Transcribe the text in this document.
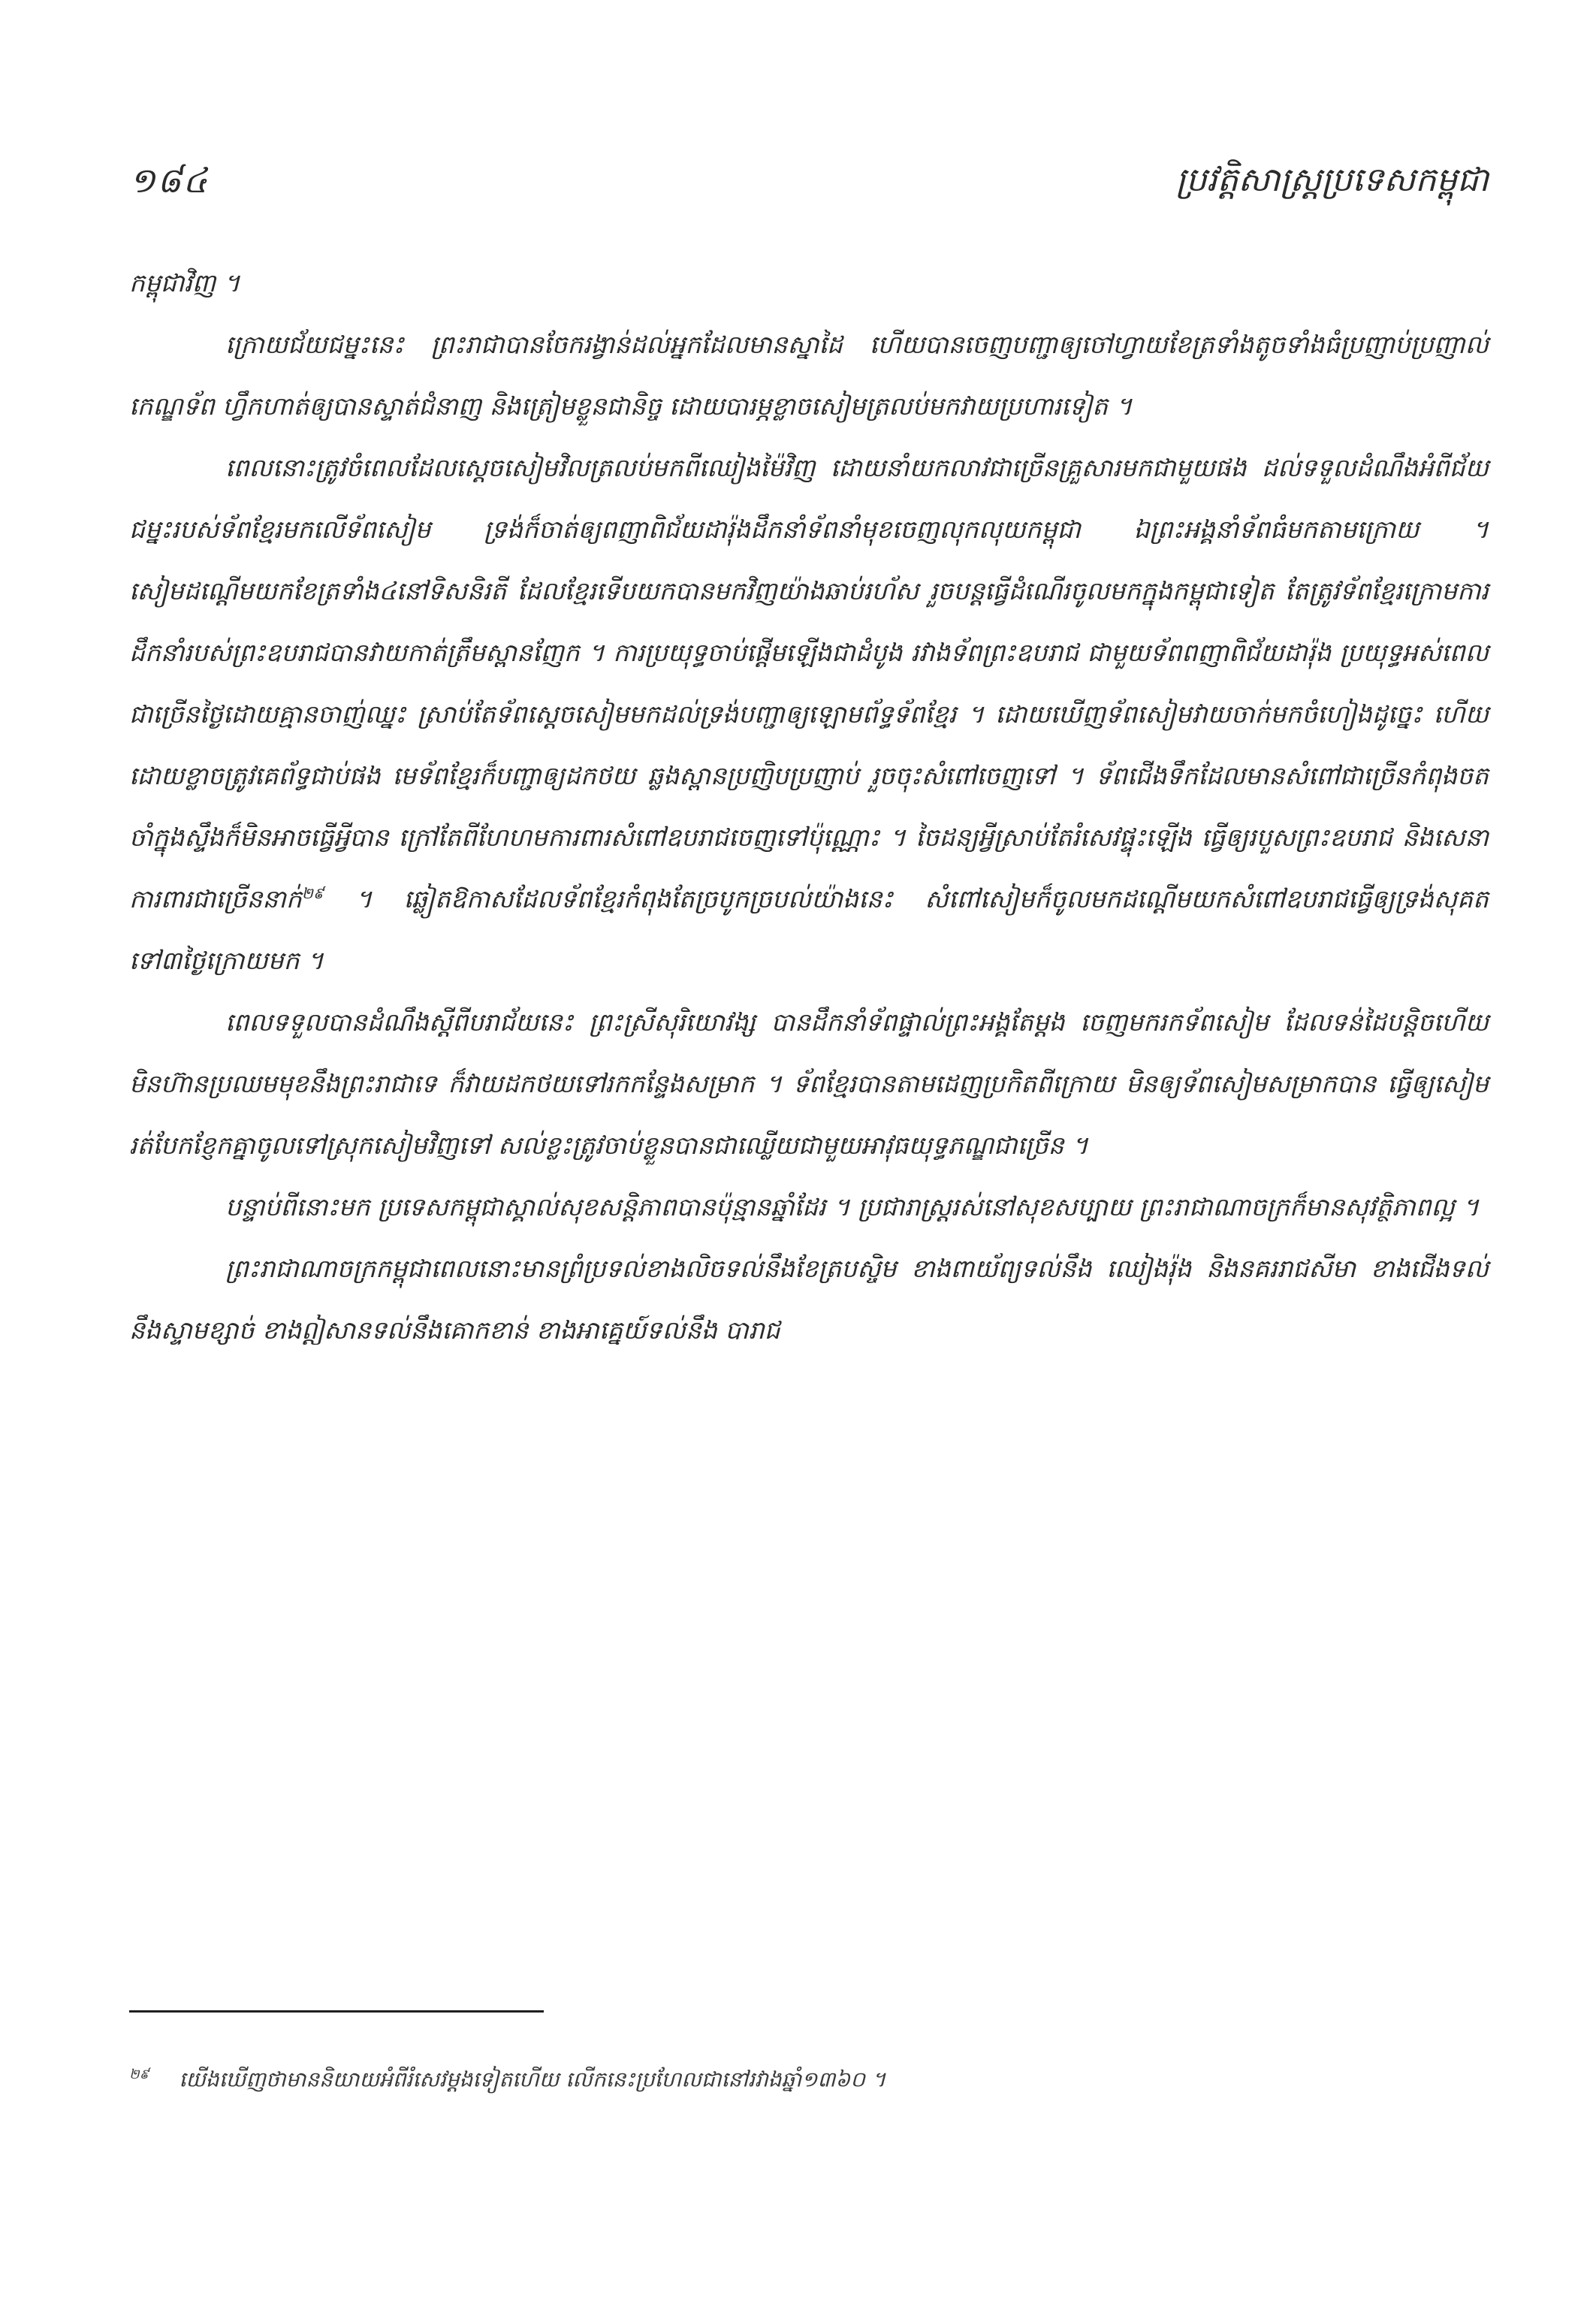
១៨៤	ប្រវត្តិសាស្ត្រប្រទេសកម្ពុជា

កម្ពុជាវិញ ។

ក្រោយជ័យជម្នះនេះ ព្រះរាជាបានចែករង្វាន់ដល់អ្នកដែលមានស្នាដៃ ហើយបានចេញបញ្ជាឲ្យចៅហ្វាយខែត្រទាំងតូចទាំងធំប្រញាប់ប្រញាល់កេណ្ឌទ័ព ហ្វឹកហាត់ឲ្យបានស្ទាត់ជំនាញ និងត្រៀមខ្លួនជានិច្ច ដោយបារម្ភខ្លាចសៀមត្រលប់មកវាយប្រហារទៀត ។

ពេលនោះត្រូវចំពេលដែលស្តេចសៀមវិលត្រលប់មកពីឈៀងម៉ៃវិញ ដោយនាំយកលាវជាច្រើនគ្រួសារមកជាមួយផង ដល់ទទួលដំណឹងអំពីជ័យជម្នះរបស់ទ័ពខ្មែរមកលើទ័ពសៀម ទ្រង់ក៏ចាត់ឲ្យពញាពិជ័យដារ៉ុងដឹកនាំទ័ពនាំមុខចេញលុកលុយកម្ពុជា ឯព្រះអង្គនាំទ័ពធំមកតាមក្រោយ ។ សៀមដណ្តើមយកខែត្រទាំង៤នៅទិសនិរតី ដែលខ្មែរទើបយកបានមកវិញយ៉ាងឆាប់រហ័ស រួចបន្តធ្វើដំណើរចូលមកក្នុងកម្ពុជាទៀត តែត្រូវទ័ពខ្មែរក្រោមការដឹកនាំរបស់ព្រះឧបរាជបានវាយកាត់ត្រឹមស្ពានញែក ។ ការប្រយុទ្ធចាប់ផ្តើមឡើងជាដំបូង រវាងទ័ពព្រះឧបរាជ ជាមួយទ័ពពញាពិជ័យដារ៉ុង ប្រយុទ្ធអស់ពេលជាច្រើនថ្ងៃដោយគ្មានចាញ់ឈ្នះ ស្រាប់តែទ័ពស្តេចសៀមមកដល់ទ្រង់បញ្ជាឲ្យឡោមព័ទ្ធទ័ពខ្មែរ ។ ដោយឃើញទ័ពសៀមវាយចាក់មកចំហៀងដូច្នេះ ហើយដោយខ្លាចត្រូវគេព័ទ្ធជាប់ផង មេទ័ពខ្មែរក៏បញ្ជាឲ្យដកថយ ឆ្លងស្ពានប្រញិបប្រញាប់ រួចចុះសំពៅចេញទៅ ។ ទ័ពជើងទឹកដែលមានសំពៅជាច្រើនកំពុងចតចាំក្នុងស្ទឹងក៏មិនអាចធ្វើអ្វីបាន ក្រៅតែពីហែហមការពារសំពៅឧបរាជចេញទៅប៉ុណ្ណោះ ។ ចៃដន្យអ្វីស្រាប់តែរំសេវផ្ទុះឡើង ធ្វើឲ្យរបួសព្រះឧបរាជ និងសេនាការពារជាច្រើននាក់$^{២៩}$ ។ ឆ្លៀតឱកាសដែលទ័ពខ្មែរកំពុងតែច្របូកច្របល់យ៉ាងនេះ សំពៅសៀមក៏ចូលមកដណ្តើមយកសំពៅឧបរាជធ្វើឲ្យទ្រង់សុគតទៅ៣ថ្ងៃក្រោយមក ។

ពេលទទួលបានដំណឹងស្តីពីបរាជ័យនេះ ព្រះស្រីសុរិយោវង្ស បានដឹកនាំទ័ពផ្ទាល់ព្រះអង្គតែម្តង ចេញមករកទ័ពសៀម ដែលទន់ដៃបន្តិចហើយ មិនហ៊ានប្រឈមមុខនឹងព្រះរាជាទេ ក៏វាយដកថយទៅរកកន្ទែងសម្រាក ។ ទ័ពខ្មែរបានតាមដេញប្រកិតពីក្រោយ មិនឲ្យទ័ពសៀមសម្រាកបាន ធ្វើឲ្យសៀមរត់បែកខ្ញែកគ្នាចូលទៅស្រុកសៀមវិញទៅ សល់ខ្លះត្រូវចាប់ខ្លួនបានជាឈ្លើយជាមួយអាវុធយុទ្ធភណ្ឌជាច្រើន ។

បន្ទាប់ពីនោះមក ប្រទេសកម្ពុជាស្គាល់សុខសន្តិភាពបានប៉ុន្មានឆ្នាំដែរ ។ ប្រជារាស្ត្ររស់នៅសុខសប្បាយ ព្រះរាជាណាចក្រក៏មានសុវត្ថិភាពល្អ ។

ព្រះរាជាណាចក្រកម្ពុជាពេលនោះមានព្រំប្រទល់ខាងលិចទល់នឹងខែត្របស្ចិម ខាងពាយ័ព្យទល់នឹង ឈៀងរ៉ុង និងនគររាជសីមា ខាងជើងទល់នឹងស្ទាមខ្សាច់ ខាងឦសានទល់នឹងគោកខាន់ ខាងអាគ្នេយ៍ទល់នឹង បារាជ

$^{២៩}$ យើងឃើញថាមាននិយាយអំពីរំសេវម្តងទៀតហើយ លើកនេះប្រហែលជានៅរវាងឆ្នាំ១៣៦០ ។
